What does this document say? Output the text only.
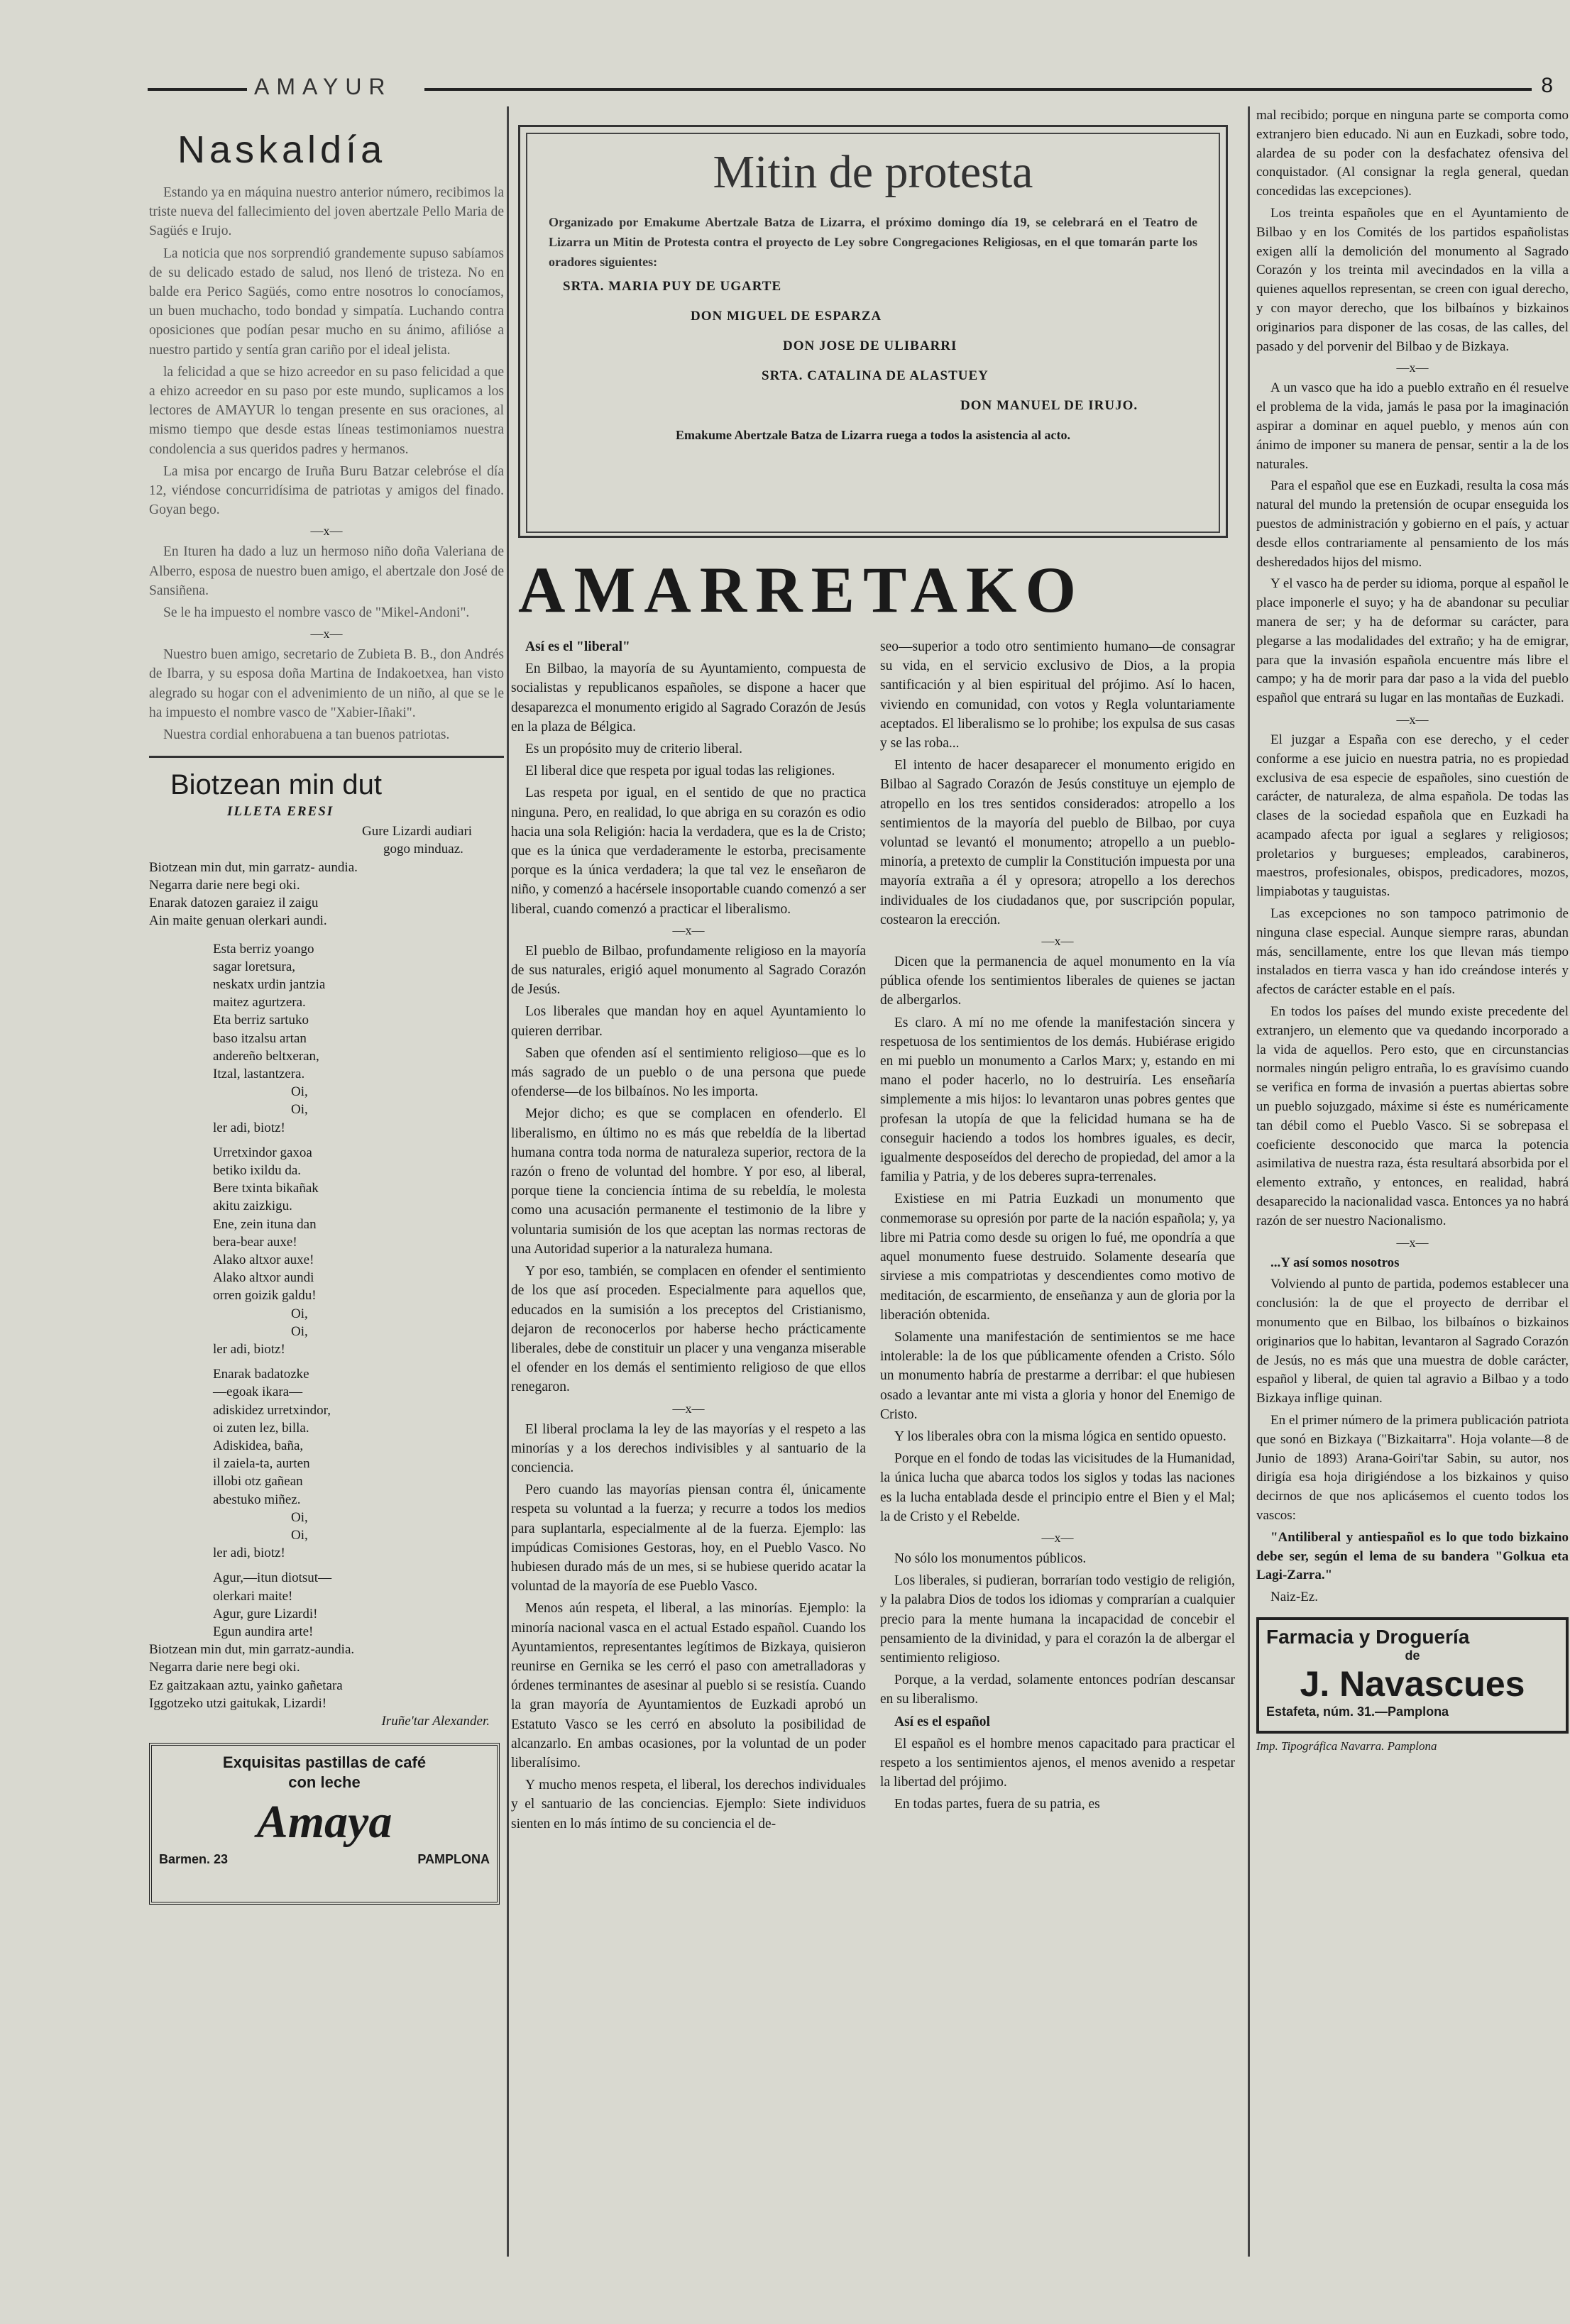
AMAYUR	8
Naskaldía

Estando ya en máquina nuestro anterior número, recibimos la triste nueva del fallecimiento del joven abertzale Pello Maria de Sagüés e Irujo.

La noticia que nos sorprendió grandemente supuso sabíamos de su delicado estado de salud, nos llenó de tristeza. No en balde era Perico Sagüés, como entre nosotros lo conocíamos, un buen muchacho, todo bondad y simpatía. Luchando contra oposiciones que podían pesar mucho en su ánimo, afilióse a nuestro partido y sentía gran cariño por el ideal jelista.

la felicidad a que se hizo acreedor en su paso felicidad a que a ehizo acreedor en su paso por este mundo, suplicamos a los lectores de AMAYUR lo tengan presente en sus oraciones, al mismo tiempo que desde estas líneas testimoniamos nuestra condolencia a sus queridos padres y hermanos.

La misa por encargo de Iruña Buru Batzar celebróse el día 12, viéndose concurridísima de patriotas y amigos del finado. Goyan bego.

—x—

En Ituren ha dado a luz un hermoso niño doña Valeriana de Alberro, esposa de nuestro buen amigo, el abertzale don José de Sansiñena.

Se le ha impuesto el nombre vasco de "Mikel-Andoni".

—x—

Nuestro buen amigo, secretario de Zubieta B. B., don Andrés de Ibarra, y su esposa doña Martina de Indakoetxea, han visto alegrado su hogar con el advenimiento de un niño, al que se le ha impuesto el nombre vasco de "Xabier-Iñaki".

Nuestra cordial enhorabuena a tan buenos patriotas.

Biotzean min dut
ILLETA ERESI
Gure Lizardi audiari
gogo minduaz.
Biotzean min dut, min garratz- aundia.
Negarra darie nere begi oki.
Enarak datozen garaiez il zaigu
Ain maite genuan olerkari aundi.
Esta berriz yoango
sagar loretsura,
neskatx urdin jantzia
maitez agurtzera.
Eta berriz sartuko
baso itzalsu artan
andereño beltxeran,
Itzal, lastantzera.
Oi,
Oi,
ler adi, biotz!
Urretxindor gaxoa
betiko ixildu da.
Bere txinta bikañak
akitu zaizkigu.
Ene, zein ituna dan
bera-bear auxe!
Alako altxor auxe!
Alako altxor aundi
orren goizik galdu!
Oi,
Oi,
ler adi, biotz!
Enarak badatozke
—egoak ikara—
adiskidez urretxindor,
oi zuten lez, billa.
Adiskidea, baña,
il zaiela-ta, aurten
illobi otz gañean
abestuko miñez.
Oi,
Oi,
ler adi, biotz!
Agur,—itun diotsut—
olerkari maite!
Agur, gure Lizardi!
Egun aundira arte!
Biotzean min dut, min garratz-aundia.
Negarra darie nere begi oki.
Ez gaitzakaan aztu, yainko gañetara
Iggotzeko utzi gaitukak, Lizardi!
Iruñe'tar Alexander.
Exquisitas pastillas de café
con leche
Amaya
Barmen. 23	PAMPLONA
Mitin de protesta
Organizado por Emakume Abertzale Batza de Lizarra, el próximo domingo día 19, se celebrará en el Teatro de Lizarra un Mitin de Protesta contra el proyecto de Ley sobre Congregaciones Religiosas, en el que tomarán parte los oradores siguientes:
SRTA. MARIA PUY DE UGARTE
DON MIGUEL DE ESPARZA
DON JOSE DE ULIBARRI
SRTA. CATALINA DE ALASTUEY
DON MANUEL DE IRUJO.
Emakume Abertzale Batza de Lizarra ruega a todos la asistencia al acto.
AMARRETAKO

Así es el "liberal"

En Bilbao, la mayoría de su Ayuntamiento, compuesta de socialistas y republicanos españoles, se dispone a hacer que desaparezca el monumento erigido al Sagrado Corazón de Jesús en la plaza de Bélgica.

Es un propósito muy de criterio liberal.

El liberal dice que respeta por igual todas las religiones.

Las respeta por igual, en el sentido de que no practica ninguna. Pero, en realidad, lo que abriga en su corazón es odio hacia una sola Religión: hacia la verdadera, que es la de Cristo; que es la única que verdaderamente le estorba, precisamente porque es la única verdadera; la que tal vez le enseñaron de niño, y comenzó a hacérsele insoportable cuando comenzó a ser liberal, cuando comenzó a practicar el liberalismo.

—x—

El pueblo de Bilbao, profundamente religioso en la mayoría de sus naturales, erigió aquel monumento al Sagrado Corazón de Jesús.

Los liberales que mandan hoy en aquel Ayuntamiento lo quieren derribar.

Saben que ofenden así el sentimiento religioso—que es lo más sagrado de un pueblo o de una persona que puede ofenderse—de los bilbaínos. No les importa.

Mejor dicho; es que se complacen en ofenderlo. El liberalismo, en último no es más que rebeldía de la libertad humana contra toda norma de naturaleza superior, rectora de la razón o freno de voluntad del hombre. Y por eso, al liberal, porque tiene la conciencia íntima de su rebeldía, le molesta como una acusación permanente el testimonio de la libre y voluntaria sumisión de los que aceptan las normas rectoras de una Autoridad superior a la naturaleza humana.

Y por eso, también, se complacen en ofender el sentimiento de los que así proceden. Especialmente para aquellos que, educados en la sumisión a los preceptos del Cristianismo, dejaron de reconocerlos por haberse hecho prácticamente liberales, debe de constituir un placer y una venganza miserable el ofender en los demás el sentimiento religioso de que ellos renegaron.

—x—

El liberal proclama la ley de las mayorías y el respeto a las minorías y a los derechos indivisibles y al santuario de la conciencia.

Pero cuando las mayorías piensan contra él, únicamente respeta su voluntad a la fuerza; y recurre a todos los medios para suplantarla, especialmente al de la fuerza. Ejemplo: las impúdicas Comisiones Gestoras, hoy, en el Pueblo Vasco. No hubiesen durado más de un mes, si se hubiese querido acatar la voluntad de la mayoría de ese Pueblo Vasco.

Menos aún respeta, el liberal, a las minorías. Ejemplo: la minoría nacional vasca en el actual Estado español. Cuando los Ayuntamientos, representantes legítimos de Bizkaya, quisieron reunirse en Gernika se les cerró el paso con ametralladoras y órdenes terminantes de asesinar al pueblo si se resistía. Cuando la gran mayoría de Ayuntamientos de Euzkadi aprobó un Estatuto Vasco se les cerró en absoluto la posibilidad de alcanzarlo. En ambas ocasiones, por la voluntad de un poder liberalísimo.

Y mucho menos respeta, el liberal, los derechos individuales y el santuario de las conciencias. Ejemplo: Siete individuos sienten en lo más íntimo de su conciencia el de-

seo—superior a todo otro sentimiento humano—de consagrar su vida, en el servicio exclusivo de Dios, a la propia santificación y al bien espiritual del prójimo. Así lo hacen, viviendo en comunidad, con votos y Regla voluntariamente aceptados. El liberalismo se lo prohibe; los expulsa de sus casas y se las roba...

El intento de hacer desaparecer el monumento erigido en Bilbao al Sagrado Corazón de Jesús constituye un ejemplo de atropello en los tres sentidos considerados: atropello a los sentimientos de la mayoría del pueblo de Bilbao, por cuya voluntad se levantó el monumento; atropello a un pueblo-minoría, a pretexto de cumplir la Constitución impuesta por una mayoría extraña a él y opresora; atropello a los derechos individuales de los ciudadanos que, por suscripción popular, costearon la erección.

—x—

Dicen que la permanencia de aquel monumento en la vía pública ofende los sentimientos liberales de quienes se jactan de albergarlos.

Es claro. A mí no me ofende la manifestación sincera y respetuosa de los sentimientos de los demás. Hubiérase erigido en mi pueblo un monumento a Carlos Marx; y, estando en mi mano el poder hacerlo, no lo destruiría. Les enseñaría simplemente a mis hijos: lo levantaron unas pobres gentes que profesan la utopía de que la felicidad humana se ha de conseguir haciendo a todos los hombres iguales, es decir, igualmente desposeídos del derecho de propiedad, del amor a la familia y Patria, y de los deberes supra-terrenales.

Existiese en mi Patria Euzkadi un monumento que conmemorase su opresión por parte de la nación española; y, ya libre mi Patria como desde su origen lo fué, me opondría a que aquel monumento fuese destruido. Solamente desearía que sirviese a mis compatriotas y descendientes como motivo de meditación, de escarmiento, de enseñanza y aun de gloria por la liberación obtenida.

Solamente una manifestación de sentimientos se me hace intolerable: la de los que públicamente ofenden a Cristo. Sólo un monumento habría de prestarme a derribar: el que hubiesen osado a levantar ante mi vista a gloria y honor del Enemigo de Cristo.

Y los liberales obra con la misma lógica en sentido opuesto.

Porque en el fondo de todas las vicisitudes de la Humanidad, la única lucha que abarca todos los siglos y todas las naciones es la lucha entablada desde el principio entre el Bien y el Mal; la de Cristo y el Rebelde.

—x—

No sólo los monumentos públicos.

Los liberales, si pudieran, borrarían todo vestigio de religión, y la palabra Dios de todos los idiomas y comprarían a cualquier precio para la mente humana la incapacidad de concebir el pensamiento de la divinidad, y para el corazón la de albergar el sentimiento religioso.

Porque, a la verdad, solamente entonces podrían descansar en su liberalismo.

Así es el español

El español es el hombre menos capacitado para practicar el respeto a los sentimientos ajenos, el menos avenido a respetar la libertad del prójimo.

En todas partes, fuera de su patria, es

mal recibido; porque en ninguna parte se comporta como extranjero bien educado. Ni aun en Euzkadi, sobre todo, alardea de su poder con la desfachatez ofensiva del conquistador. (Al consignar la regla general, quedan concedidas las excepciones).

Los treinta españoles que en el Ayuntamiento de Bilbao y en los Comités de los partidos españolistas exigen allí la demolición del monumento al Sagrado Corazón y los treinta mil avecindados en la villa a quienes aquellos representan, se creen con igual derecho, y con mayor derecho, que los bilbaínos y bizkainos originarios para disponer de las cosas, de las calles, del pasado y del porvenir del Bilbao y de Bizkaya.

—x—

A un vasco que ha ido a pueblo extraño en él resuelve el problema de la vida, jamás le pasa por la imaginación aspirar a dominar en aquel pueblo, y menos aún con ánimo de imponer su manera de pensar, sentir a la de los naturales.

Para el español que ese en Euzkadi, resulta la cosa más natural del mundo la pretensión de ocupar enseguida los puestos de administración y gobierno en el país, y actuar desde ellos contrariamente al pensamiento de los más desheredados hijos del mismo.

Y el vasco ha de perder su idioma, porque al español le place imponerle el suyo; y ha de abandonar su peculiar manera de ser; y ha de deformar su carácter, para plegarse a las modalidades del extraño; y ha de emigrar, para que la invasión española encuentre más libre el campo; y ha de morir para dar paso a la vida del pueblo español que entrará su lugar en las montañas de Euzkadi.

—x—

El juzgar a España con ese derecho, y el ceder conforme a ese juicio en nuestra patria, no es propiedad exclusiva de esa especie de españoles, sino cuestión de carácter, de naturaleza, de alma española. De todas las clases de la sociedad española que en Euzkadi ha acampado afecta por igual a seglares y religiosos; proletarios y burgueses; empleados, carabineros, maestros, profesionales, obispos, predicadores, mozos, limpiabotas y tauguistas.

Las excepciones no son tampoco patrimonio de ninguna clase especial. Aunque siempre raras, abundan más, sencillamente, entre los que llevan más tiempo instalados en tierra vasca y han ido creándose interés y afectos de carácter estable en el país.

En todos los países del mundo existe precedente del extranjero, un elemento que va quedando incorporado a la vida de aquellos. Pero esto, que en circunstancias normales ningún peligro entraña, lo es gravísimo cuando se verifica en forma de invasión a puertas abiertas sobre un pueblo sojuzgado, máxime si éste es numéricamente tan débil como el Pueblo Vasco. Si se sobrepasa el coeficiente desconocido que marca la potencia asimilativa de nuestra raza, ésta resultará absorbida por el elemento extraño, y entonces, en realidad, habrá desaparecido la nacionalidad vasca. Entonces ya no habrá razón de ser nuestro Nacionalismo.

—x—

...Y así somos nosotros

Volviendo al punto de partida, podemos establecer una conclusión: la de que el proyecto de derribar el monumento que en Bilbao, los bilbaínos o bizkainos originarios que lo habitan, levantaron al Sagrado Corazón de Jesús, no es más que una muestra de doble carácter, español y liberal, de quien tal agravio a Bilbao y a todo Bizkaya inflige quinan.

En el primer número de la primera publicación patriota que sonó en Bizkaya ("Bizkaitarra". Hoja volante—8 de Junio de 1893) Arana-Goiri'tar Sabin, su autor, nos dirigía esa hoja dirigiéndose a los bizkainos y quiso decirnos de que nos aplicásemos el cuento todos los vascos:

"Antiliberal y antiespañol es lo que todo bizkaino debe ser, según el lema de su bandera "Golkua eta Lagi-Zarra."

Naiz-Ez.

Farmacia y Droguería
de
J. Navascues
Estafeta, núm. 31.—Pamplona
Imp. Tipográfica Navarra. Pamplona
